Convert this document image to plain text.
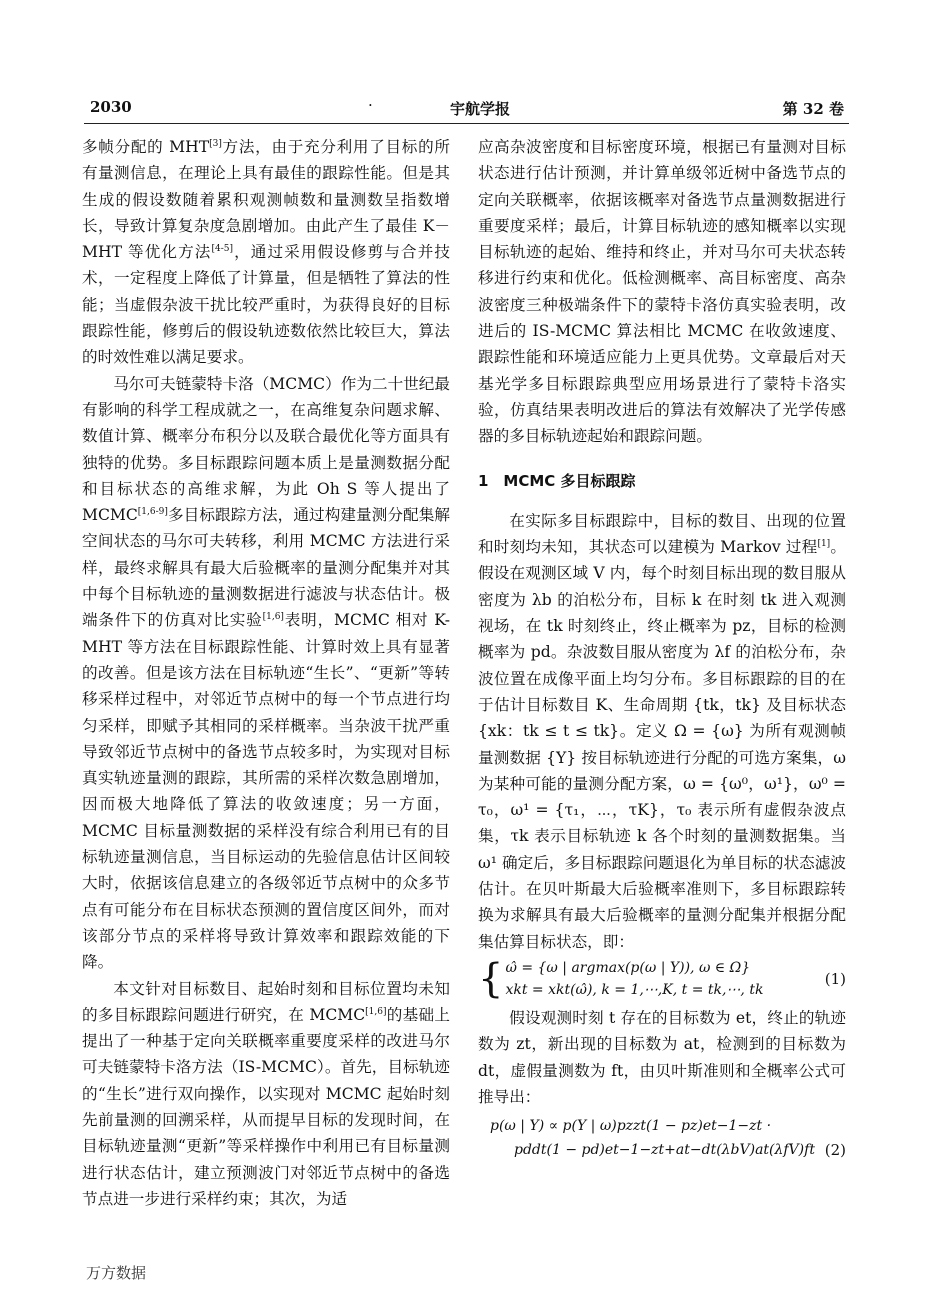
2030	·	宇航学报	第 32 卷

多帧分配的 MHT[3]方法，由于充分利用了目标的所有量测信息，在理论上具有最佳的跟踪性能。但是其生成的假设数随着累积观测帧数和量测数呈指数增长，导致计算复杂度急剧增加。由此产生了最佳 K－MHT 等优化方法[4-5]，通过采用假设修剪与合并技术，一定程度上降低了计算量，但是牺牲了算法的性能；当虚假杂波干扰比较严重时，为获得良好的目标跟踪性能，修剪后的假设轨迹数依然比较巨大，算法的时效性难以满足要求。

马尔可夫链蒙特卡洛（MCMC）作为二十世纪最有影响的科学工程成就之一，在高维复杂问题求解、数值计算、概率分布积分以及联合最优化等方面具有独特的优势。多目标跟踪问题本质上是量测数据分配和目标状态的高维求解，为此 Oh S 等人提出了 MCMC[1,6-9]多目标跟踪方法，通过构建量测分配集解空间状态的马尔可夫转移，利用 MCMC 方法进行采样，最终求解具有最大后验概率的量测分配集并对其中每个目标轨迹的量测数据进行滤波与状态估计。极端条件下的仿真对比实验[1,6]表明，MCMC 相对 K-MHT 等方法在目标跟踪性能、计算时效上具有显著的改善。但是该方法在目标轨迹“生长”、“更新”等转移采样过程中，对邻近节点树中的每一个节点进行均匀采样，即赋予其相同的采样概率。当杂波干扰严重导致邻近节点树中的备选节点较多时，为实现对目标真实轨迹量测的跟踪，其所需的采样次数急剧增加，因而极大地降低了算法的收敛速度；另一方面，MCMC 目标量测数据的采样没有综合利用已有的目标轨迹量测信息，当目标运动的先验信息估计区间较大时，依据该信息建立的各级邻近节点树中的众多节点有可能分布在目标状态预测的置信度区间外，而对该部分节点的采样将导致计算效率和跟踪效能的下降。

本文针对目标数目、起始时刻和目标位置均未知的多目标跟踪问题进行研究，在 MCMC[1,6]的基础上提出了一种基于定向关联概率重要度采样的改进马尔可夫链蒙特卡洛方法（IS-MCMC）。首先，目标轨迹的“生长”进行双向操作，以实现对 MCMC 起始时刻先前量测的回溯采样，从而提早目标的发现时间，在目标轨迹量测“更新”等采样操作中利用已有目标量测进行状态估计，建立预测波门对邻近节点树中的备选节点进一步进行采样约束；其次，为适

应高杂波密度和目标密度环境，根据已有量测对目标状态进行估计预测，并计算单级邻近树中备选节点的定向关联概率，依据该概率对备选节点量测数据进行重要度采样；最后，计算目标轨迹的感知概率以实现目标轨迹的起始、维持和终止，并对马尔可夫状态转移进行约束和优化。低检测概率、高目标密度、高杂波密度三种极端条件下的蒙特卡洛仿真实验表明，改进后的 IS-MCMC 算法相比 MCMC 在收敛速度、跟踪性能和环境适应能力上更具优势。文章最后对天基光学多目标跟踪典型应用场景进行了蒙特卡洛实验，仿真结果表明改进后的算法有效解决了光学传感器的多目标轨迹起始和跟踪问题。

1　MCMC 多目标跟踪

在实际多目标跟踪中，目标的数目、出现的位置和时刻均未知，其状态可以建模为 Markov 过程[1]。假设在观测区域 V 内，每个时刻目标出现的数目服从密度为 λb 的泊松分布，目标 k 在时刻 tk 进入观测视场，在 tk 时刻终止，终止概率为 pz，目标的检测概率为 pd。杂波数目服从密度为 λf 的泊松分布，杂波位置在成像平面上均匀分布。多目标跟踪的目的在于估计目标数目 K、生命周期 {tk，tk} 及目标状态 {xk：tk ≤ t ≤ tk}。定义 Ω = {ω} 为所有观测帧量测数据 {Y} 按目标轨迹进行分配的可选方案集，ω 为某种可能的量测分配方案，ω = {ω⁰，ω¹}，ω⁰ = τ₀，ω¹ = {τ₁，⋯，τK}，τ₀ 表示所有虚假杂波点集，τk 表示目标轨迹 k 各个时刻的量测数据集。当 ω¹ 确定后，多目标跟踪问题退化为单目标的状态滤波估计。在贝叶斯最大后验概率准则下，多目标跟踪转换为求解具有最大后验概率的量测分配集并根据分配集估算目标状态，即：

{ ω̂ = {ω | argmax(p(ω | Y)), ω ∈ Ω}
xkt = xkt(ω̂), k = 1,⋯,K, t = tk,⋯, tk
(1)

假设观测时刻 t 存在的目标数为 et，终止的轨迹数为 zt，新出现的目标数为 at，检测到的目标数为 dt，虚假量测数为 ft，由贝叶斯准则和全概率公式可推导出：

p(ω | Y) ∝ p(Y | ω)pzzt(1 − pz)et−1−zt ·
pddt(1 − pd)et−1−zt+at−dt(λbV)at(λfV)ft (2)
万方数据
